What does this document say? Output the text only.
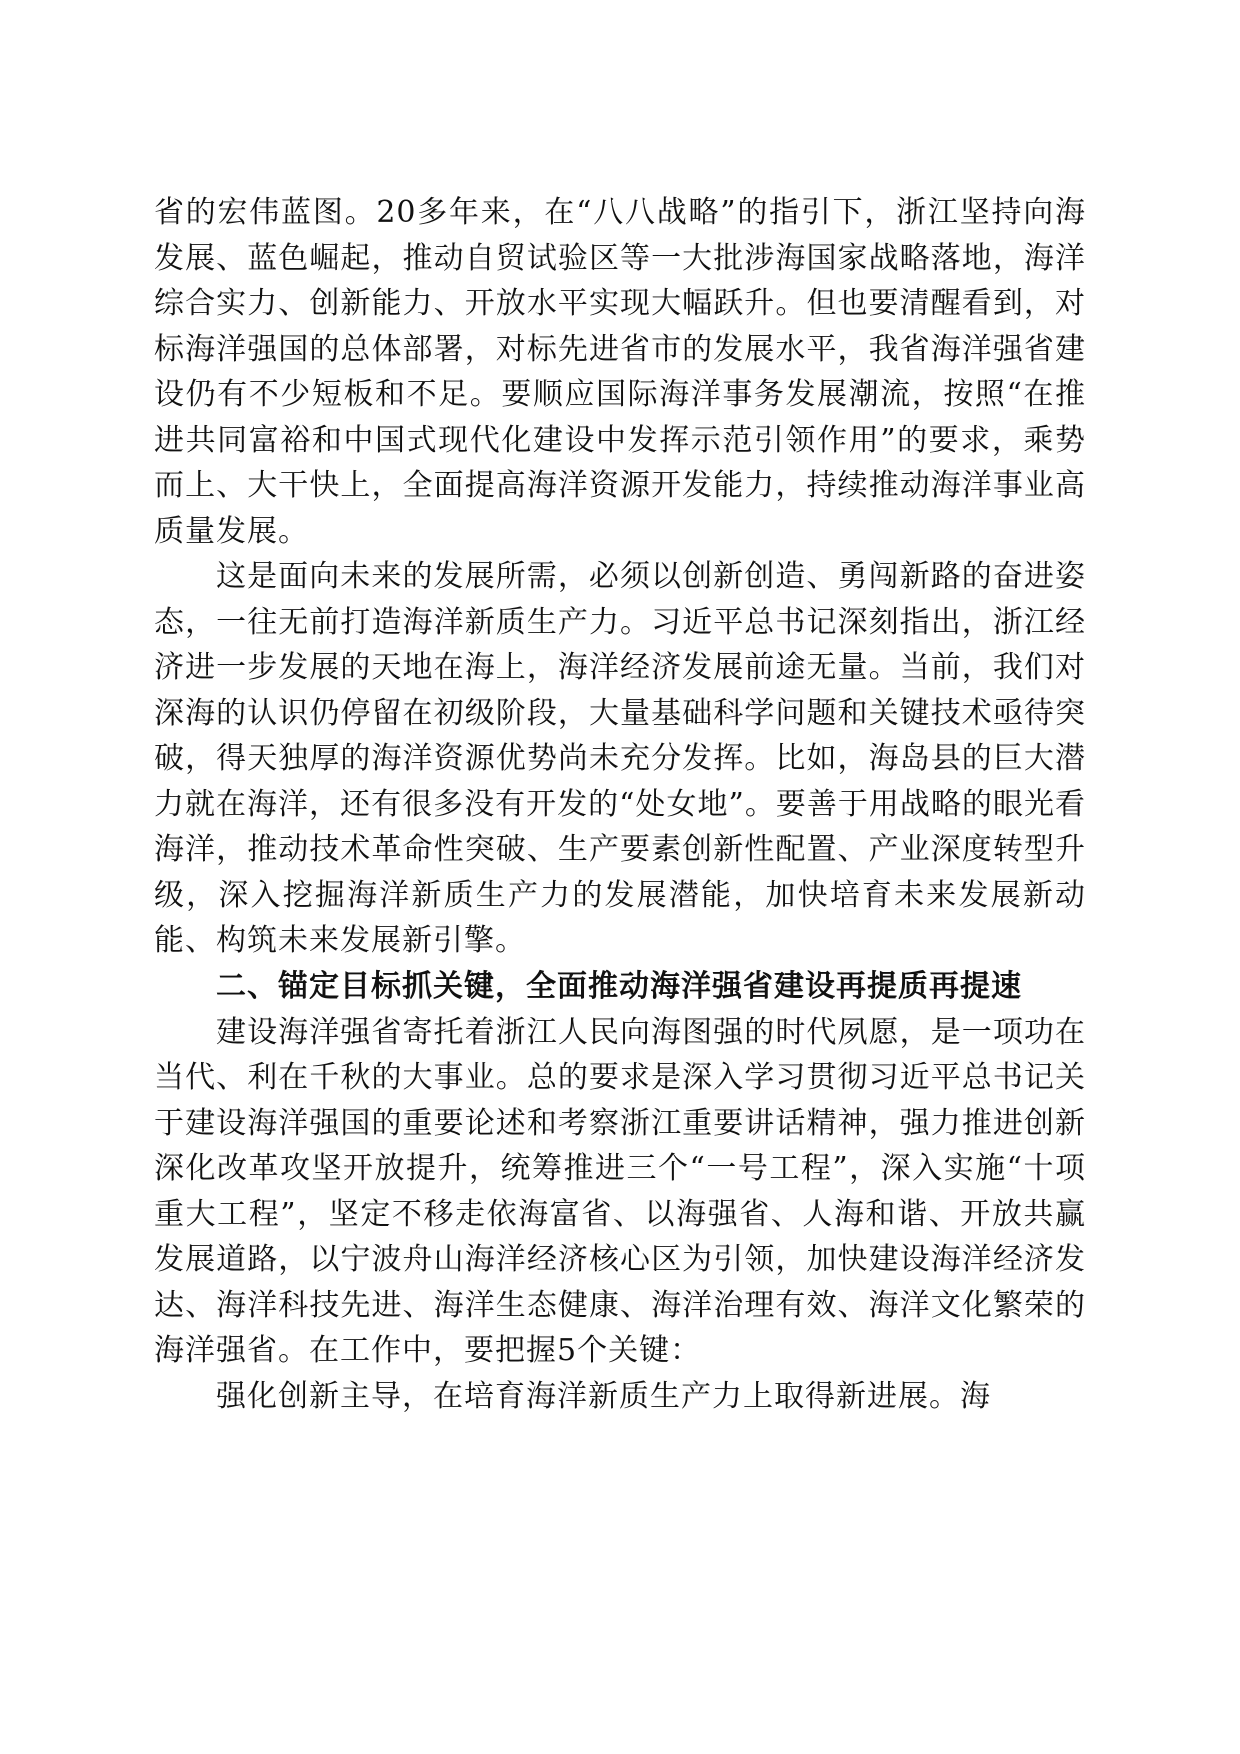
省的宏伟蓝图。20多年来，在“八八战略”的指引下，浙江坚持向海发展、蓝色崛起，推动自贸试验区等一大批涉海国家战略落地，海洋综合实力、创新能力、开放水平实现大幅跃升。但也要清醒看到，对标海洋强国的总体部署，对标先进省市的发展水平，我省海洋强省建设仍有不少短板和不足。要顺应国际海洋事务发展潮流，按照“在推进共同富裕和中国式现代化建设中发挥示范引领作用”的要求，乘势而上、大干快上，全面提高海洋资源开发能力，持续推动海洋事业高质量发展。

这是面向未来的发展所需，必须以创新创造、勇闯新路的奋进姿态，一往无前打造海洋新质生产力。习近平总书记深刻指出，浙江经济进一步发展的天地在海上，海洋经济发展前途无量。当前，我们对深海的认识仍停留在初级阶段，大量基础科学问题和关键技术亟待突破，得天独厚的海洋资源优势尚未充分发挥。比如，海岛县的巨大潜力就在海洋，还有很多没有开发的“处女地”。要善于用战略的眼光看海洋，推动技术革命性突破、生产要素创新性配置、产业深度转型升级，深入挖掘海洋新质生产力的发展潜能，加快培育未来发展新动能、构筑未来发展新引擎。

二、锚定目标抓关键，全面推动海洋强省建设再提质再提速

建设海洋强省寄托着浙江人民向海图强的时代夙愿，是一项功在当代、利在千秋的大事业。总的要求是深入学习贯彻习近平总书记关于建设海洋强国的重要论述和考察浙江重要讲话精神，强力推进创新深化改革攻坚开放提升，统筹推进三个“一号工程”，深入实施“十项重大工程”，坚定不移走依海富省、以海强省、人海和谐、开放共赢发展道路，以宁波舟山海洋经济核心区为引领，加快建设海洋经济发达、海洋科技先进、海洋生态健康、海洋治理有效、海洋文化繁荣的海洋强省。在工作中，要把握5个关键：

强化创新主导，在培育海洋新质生产力上取得新进展。海
